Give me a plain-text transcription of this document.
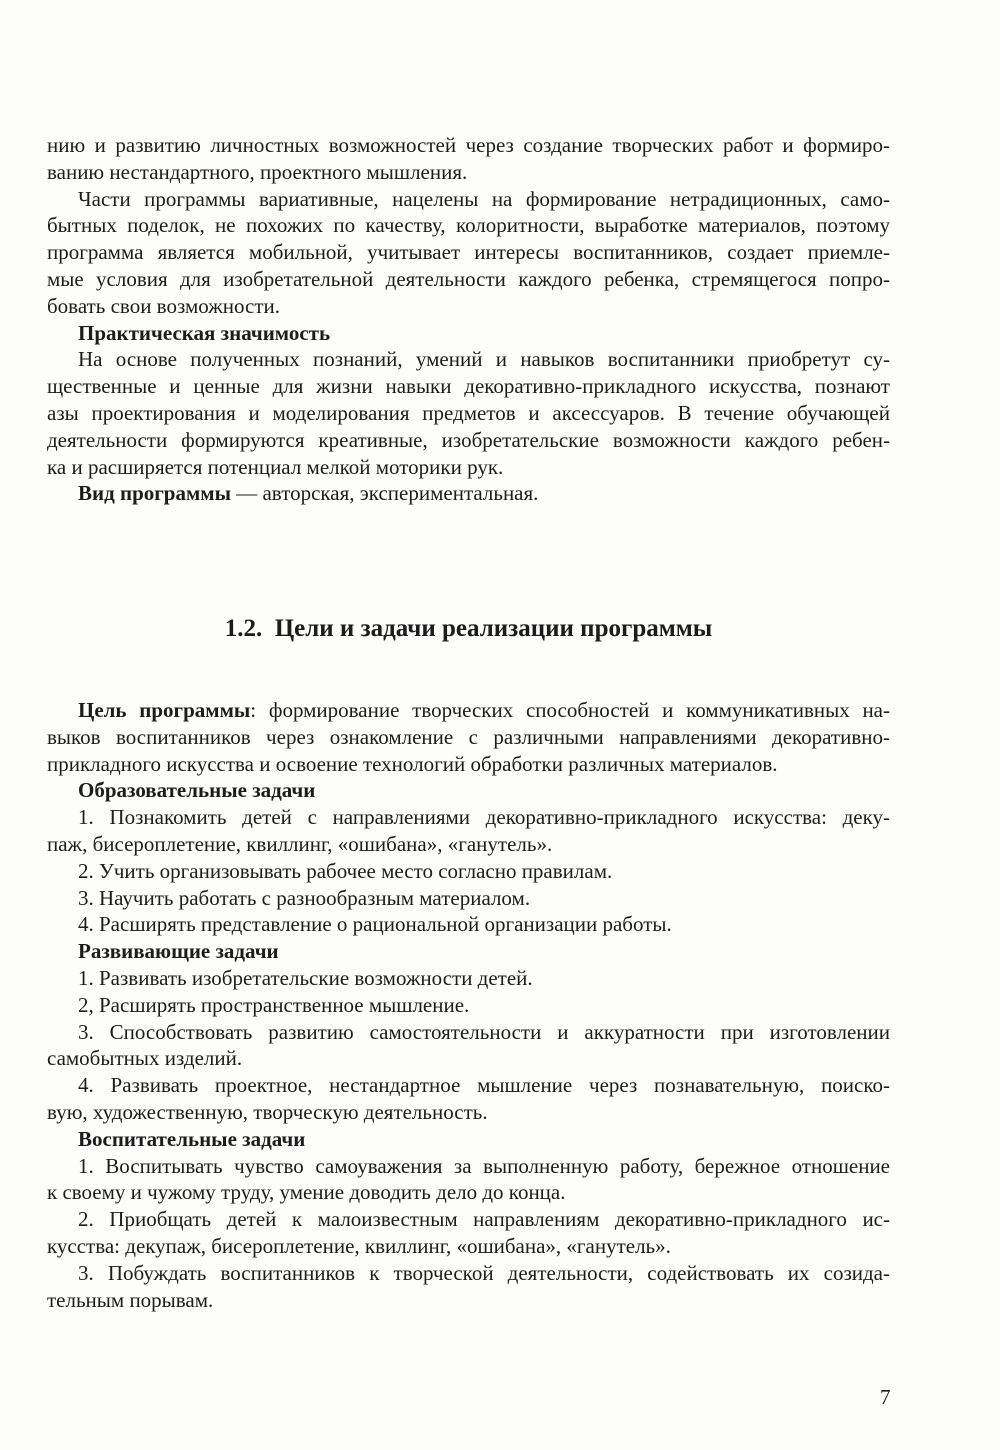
нию и развитию личностных возможностей через создание творческих работ и формиро-
ванию нестандартного, проектного мышления.
Части программы вариативные, нацелены на формирование нетрадиционных, само-
бытных поделок, не похожих по качеству, колоритности, выработке материалов, поэтому
программа является мобильной, учитывает интересы воспитанников, создает приемле-
мые условия для изобретательной деятельности каждого ребенка, стремящегося попро-
бовать свои возможности.
Практическая значимость
На основе полученных познаний, умений и навыков воспитанники приобретут су-
щественные и ценные для жизни навыки декоративно-прикладного искусства, познают
азы проектирования и моделирования предметов и аксессуаров. В течение обучающей
деятельности формируются креативные, изобретательские возможности каждого ребен-
ка и расширяется потенциал мелкой моторики рук.
Вид программы — авторская, экспериментальная.
1.2.  Цели и задачи реализации программы
Цель программы: формирование творческих способностей и коммуникативных на-
выков воспитанников через ознакомление с различными направлениями декоративно-
прикладного искусства и освоение технологий обработки различных материалов.
Образовательные задачи
1. Познакомить детей с направлениями декоративно-прикладного искусства: деку-
паж, бисероплетение, квиллинг, «ошибана», «ганутель».
2. Учить организовывать рабочее место согласно правилам.
3. Научить работать с разнообразным материалом.
4. Расширять представление о рациональной организации работы.
Развивающие задачи
1. Развивать изобретательские возможности детей.
2, Расширять пространственное мышление.
3. Способствовать развитию самостоятельности и аккуратности при изготовлении
самобытных изделий.
4. Развивать проектное, нестандартное мышление через познавательную, поиско-
вую, художественную, творческую деятельность.
Воспитательные задачи
1. Воспитывать чувство самоуважения за выполненную работу, бережное отношение
к своему и чужому труду, умение доводить дело до конца.
2. Приобщать детей к малоизвестным направлениям декоративно-прикладного ис-
кусства: декупаж, бисероплетение, квиллинг, «ошибана», «ганутель».
3. Побуждать воспитанников к творческой деятельности, содействовать их созида-
тельным порывам.
7
